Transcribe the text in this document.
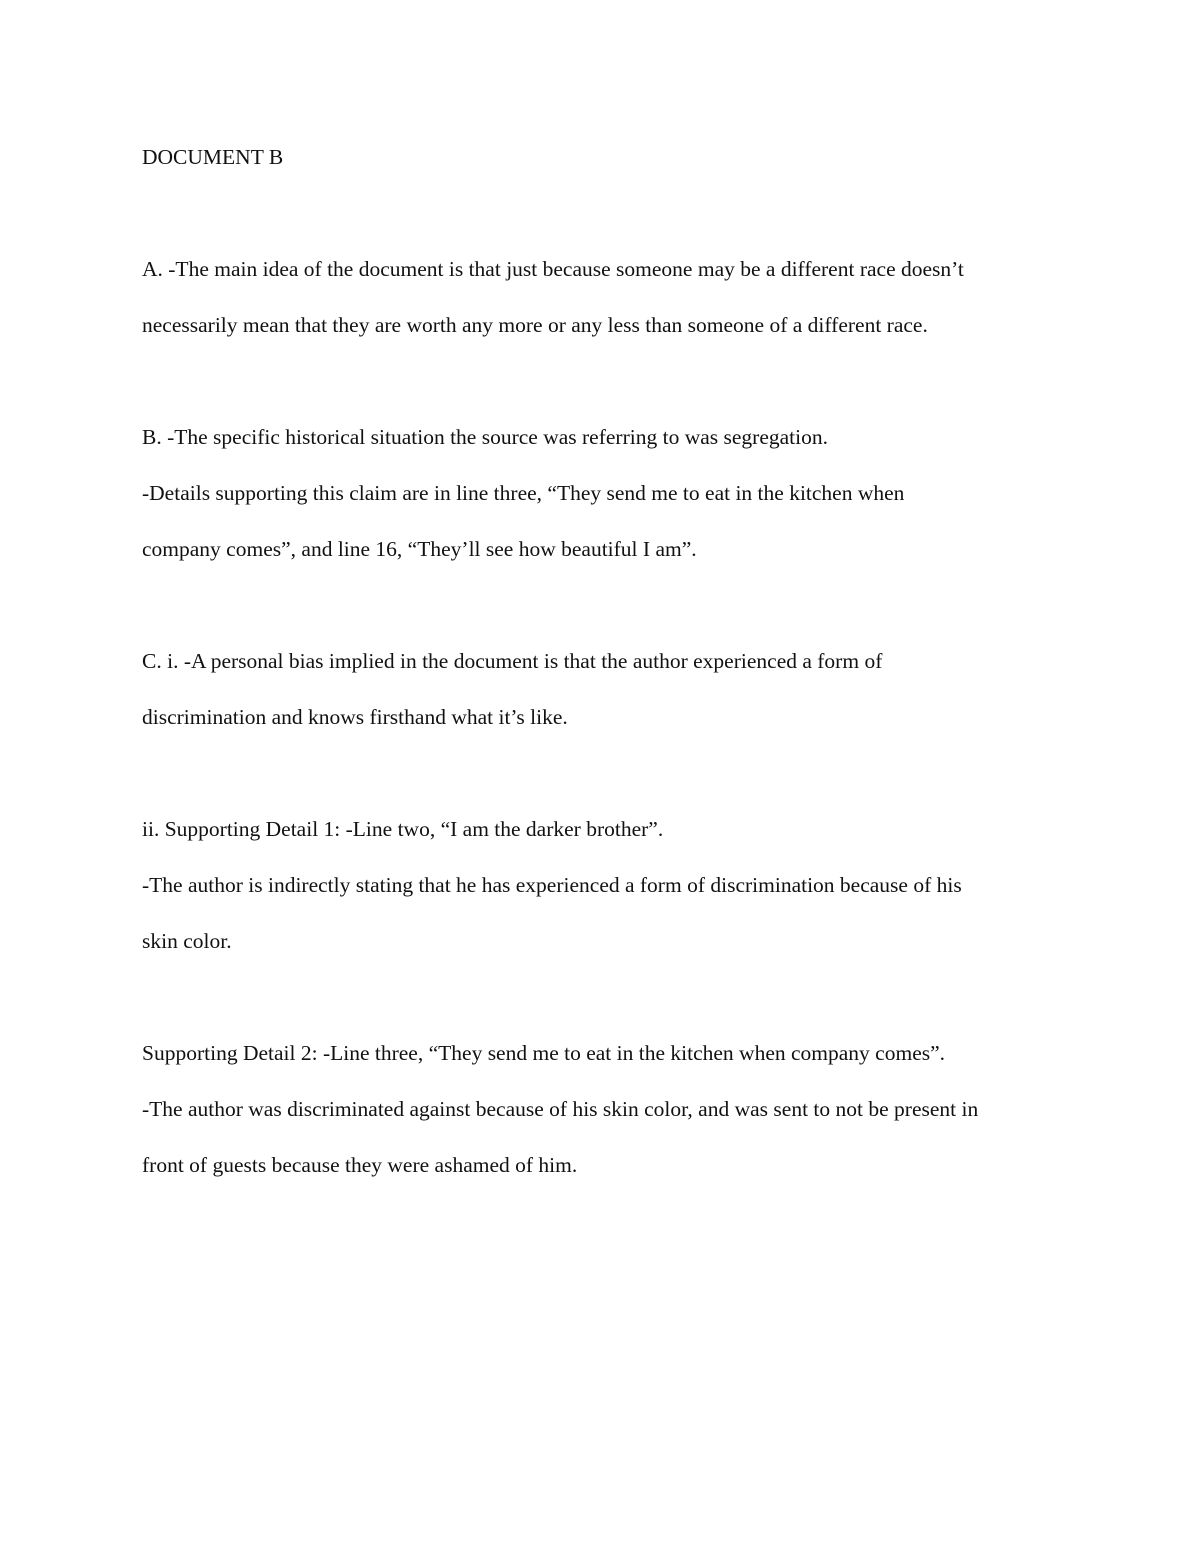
DOCUMENT B
A. -The main idea of the document is that just because someone may be a different race doesn’t
necessarily mean that they are worth any more or any less than someone of a different race.
B. -The specific historical situation the source was referring to was segregation.
-Details supporting this claim are in line three, “They send me to eat in the kitchen when
company comes”, and line 16, “They’ll see how beautiful I am”.
C. i. -A personal bias implied in the document is that the author experienced a form of
discrimination and knows firsthand what it’s like.
ii. Supporting Detail 1: -Line two, “I am the darker brother”.
-The author is indirectly stating that he has experienced a form of discrimination because of his
skin color.
Supporting Detail 2: -Line three, “They send me to eat in the kitchen when company comes”.
-The author was discriminated against because of his skin color, and was sent to not be present in
front of guests because they were ashamed of him.
